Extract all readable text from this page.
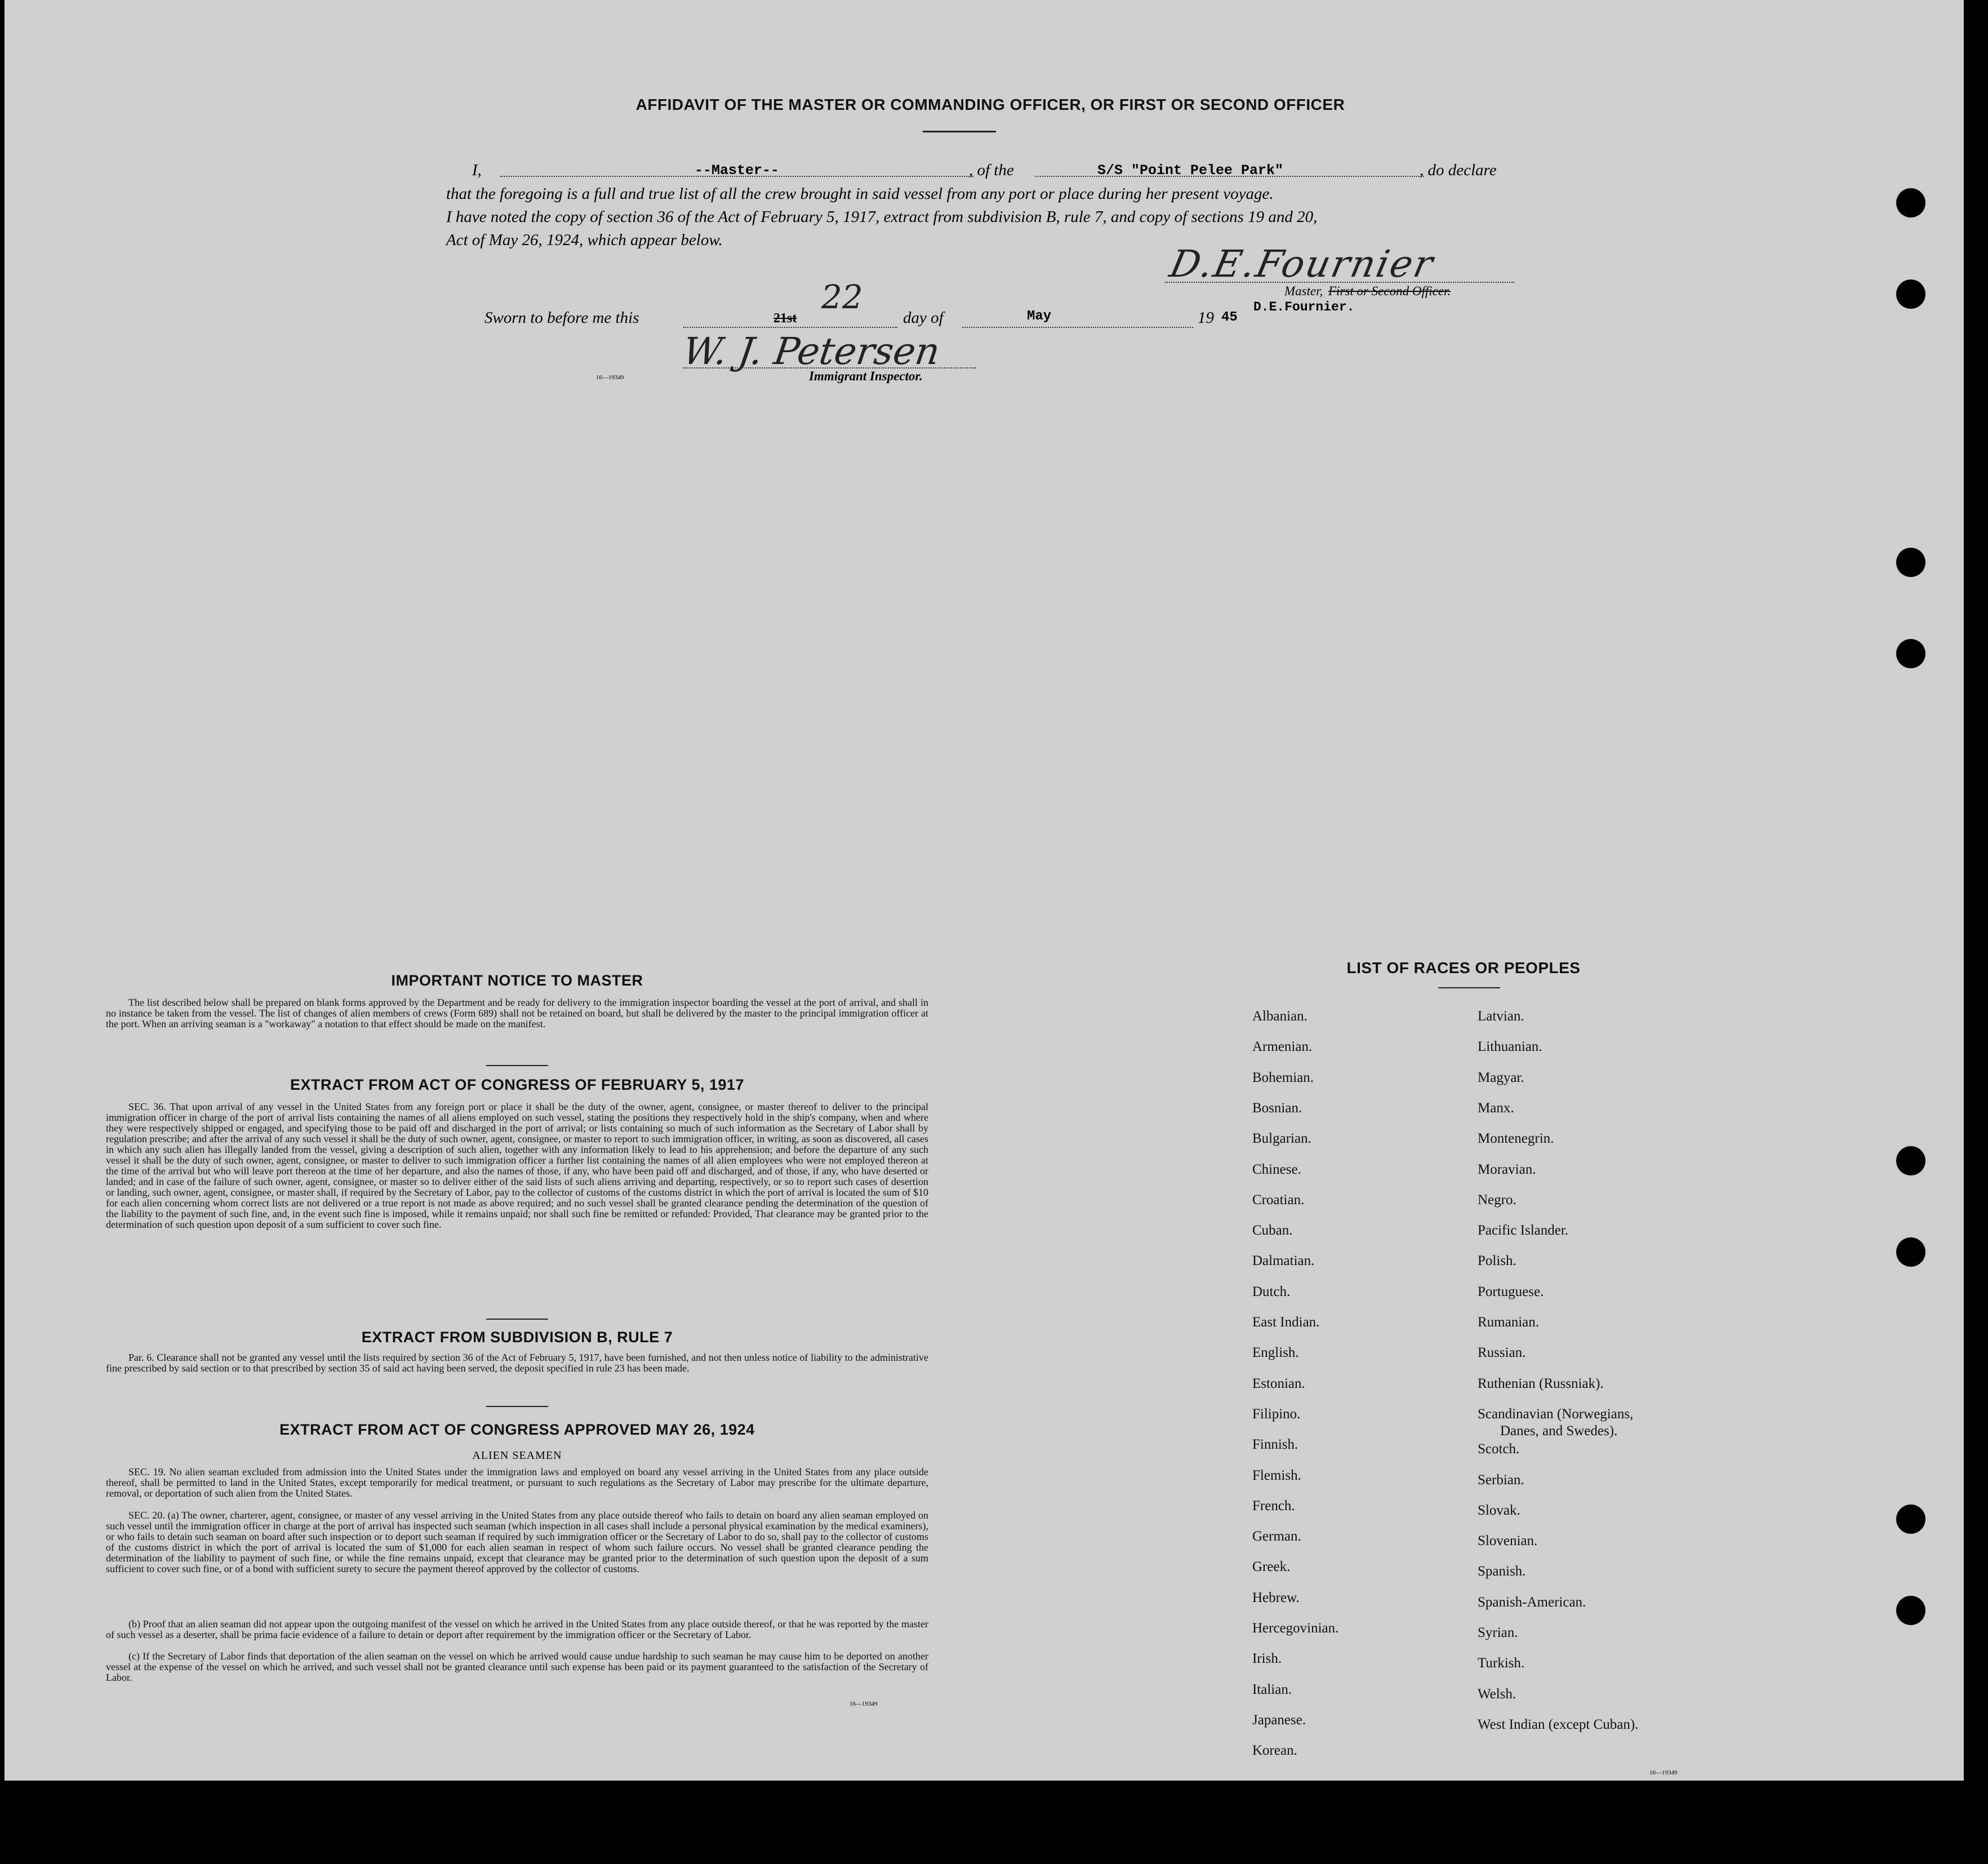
AFFIDAVIT OF THE MASTER OR COMMANDING OFFICER, OR FIRST OR SECOND OFFICER
I,	--Master--	, of the	S/S "Point Pelee Park"	, do declare
that the foregoing is a full and true list of all the crew brought in said vessel from any port or place during her present voyage.
I have noted the copy of section 36 of the Act of February 5, 1917, extract from subdivision B, rule 7, and copy of sections 19 and 20,
Act of May 26, 1924, which appear below.
D.E.Fournier
Master, First or Second Officer.
D.E.Fournier.
Sworn to before me this	21st
22
day of	May	19 45
W. J. Petersen
Immigrant Inspector.
16—19349
IMPORTANT NOTICE TO MASTER
The list described below shall be prepared on blank forms approved by the Department and be ready for delivery to the immigration inspector boarding the vessel at the port of arrival, and shall in no instance be taken from the vessel. The list of changes of alien members of crews (Form 689) shall not be retained on board, but shall be delivered by the master to the principal immigration officer at the port. When an arriving seaman is a "workaway" a notation to that effect should be made on the manifest.
EXTRACT FROM ACT OF CONGRESS OF FEBRUARY 5, 1917
SEC. 36. That upon arrival of any vessel in the United States from any foreign port or place it shall be the duty of the owner, agent, consignee, or master thereof to deliver to the principal immigration officer in charge of the port of arrival lists containing the names of all aliens employed on such vessel, stating the positions they respectively hold in the ship's company, when and where they were respectively shipped or engaged, and specifying those to be paid off and discharged in the port of arrival; or lists containing so much of such information as the Secretary of Labor shall by regulation prescribe; and after the arrival of any such vessel it shall be the duty of such owner, agent, consignee, or master to report to such immigration officer, in writing, as soon as discovered, all cases in which any such alien has illegally landed from the vessel, giving a description of such alien, together with any information likely to lead to his apprehension; and before the departure of any such vessel it shall be the duty of such owner, agent, consignee, or master to deliver to such immigration officer a further list containing the names of all alien employees who were not employed thereon at the time of the arrival but who will leave port thereon at the time of her departure, and also the names of those, if any, who have been paid off and discharged, and of those, if any, who have deserted or landed; and in case of the failure of such owner, agent, consignee, or master so to deliver either of the said lists of such aliens arriving and departing, respectively, or so to report such cases of desertion or landing, such owner, agent, consignee, or master shall, if required by the Secretary of Labor, pay to the collector of customs of the customs district in which the port of arrival is located the sum of $10 for each alien concerning whom correct lists are not delivered or a true report is not made as above required; and no such vessel shall be granted clearance pending the determination of the question of the liability to the payment of such fine, and, in the event such fine is imposed, while it remains unpaid; nor shall such fine be remitted or refunded: Provided, That clearance may be granted prior to the determination of such question upon deposit of a sum sufficient to cover such fine.
EXTRACT FROM SUBDIVISION B, RULE 7
Par. 6. Clearance shall not be granted any vessel until the lists required by section 36 of the Act of February 5, 1917, have been furnished, and not then unless notice of liability to the administrative fine prescribed by said section or to that prescribed by section 35 of said act having been served, the deposit specified in rule 23 has been made.
EXTRACT FROM ACT OF CONGRESS APPROVED MAY 26, 1924
ALIEN SEAMEN
SEC. 19. No alien seaman excluded from admission into the United States under the immigration laws and employed on board any vessel arriving in the United States from any place outside thereof, shall be permitted to land in the United States, except temporarily for medical treatment, or pursuant to such regulations as the Secretary of Labor may prescribe for the ultimate departure, removal, or deportation of such alien from the United States.
SEC. 20. (a) The owner, charterer, agent, consignee, or master of any vessel arriving in the United States from any place outside thereof who fails to detain on board any alien seaman employed on such vessel until the immigration officer in charge at the port of arrival has inspected such seaman (which inspection in all cases shall include a personal physical examination by the medical examiners), or who fails to detain such seaman on board after such inspection or to deport such seaman if required by such immigration officer or the Secretary of Labor to do so, shall pay to the collector of customs of the customs district in which the port of arrival is located the sum of $1,000 for each alien seaman in respect of whom such failure occurs. No vessel shall be granted clearance pending the determination of the liability to payment of such fine, or while the fine remains unpaid, except that clearance may be granted prior to the determination of such question upon the deposit of a sum sufficient to cover such fine, or of a bond with sufficient surety to secure the payment thereof approved by the collector of customs.
(b) Proof that an alien seaman did not appear upon the outgoing manifest of the vessel on which he arrived in the United States from any place outside thereof, or that he was reported by the master of such vessel as a deserter, shall be prima facie evidence of a failure to detain or deport after requirement by the immigration officer or the Secretary of Labor.
(c) If the Secretary of Labor finds that deportation of the alien seaman on the vessel on which he arrived would cause undue hardship to such seaman he may cause him to be deported on another vessel at the expense of the vessel on which he arrived, and such vessel shall not be granted clearance until such expense has been paid or its payment guaranteed to the satisfaction of the Secretary of Labor.
16—19349
LIST OF RACES OR PEOPLES
16—19349
Albanian.
Armenian.
Bohemian.
Bosnian.
Bulgarian.
Chinese.
Croatian.
Cuban.
Dalmatian.
Dutch.
East Indian.
English.
Estonian.
Filipino.
Finnish.
Flemish.
French.
German.
Greek.
Hebrew.
Hercegovinian.
Irish.
Italian.
Japanese.
Korean.
Latvian.
Lithuanian.
Magyar.
Manx.
Montenegrin.
Moravian.
Negro.
Pacific Islander.
Polish.
Portuguese.
Rumanian.
Russian.
Ruthenian (Russniak).
Scandinavian (Norwegians,
Danes, and Swedes).
Scotch.
Serbian.
Slovak.
Slovenian.
Spanish.
Spanish-American.
Syrian.
Turkish.
Welsh.
West Indian (except Cuban).
